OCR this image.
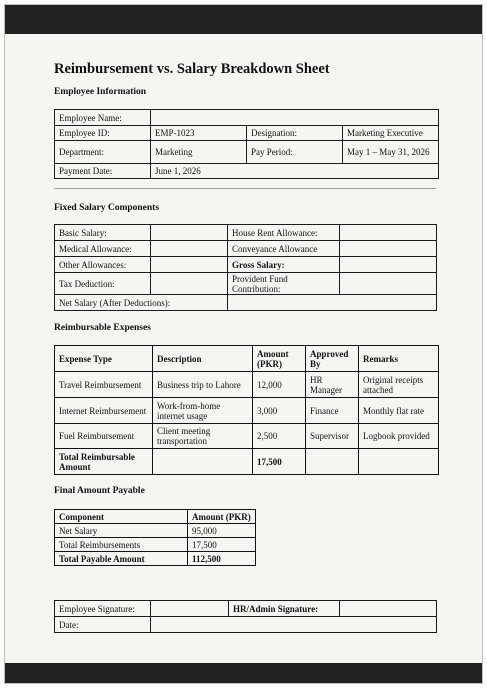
Reimbursement vs. Salary Breakdown Sheet
Employee Information
Employee Name:			
Employee ID:	EMP-1023	Designation:	Marketing Executive
Department:	Marketing	Pay Period:	May 1 – May 31, 2026
Payment Date:	June 1, 2026		
Fixed Salary Components
Basic Salary:		House Rent Allowance:	
Medical Allowance:		Conveyance Allowance	
Other Allowances:		Gross Salary:	
Tax Deduction:		Provident Fund Contribution:	
Net Salary (After Deductions):			
Reimbursable Expenses
Expense Type	Description	Amount (PKR)	Approved By	Remarks
Travel Reimbursement	Business trip to Lahore	12,000	HR Manager	Original receipts attached
Internet Reimbursement	Work-from-home internet usage	3,000	Finance	Monthly flat rate
Fuel Reimbursement	Client meeting transportation	2,500	Supervisor	Logbook provided
Total Reimbursable Amount		17,500		
Final Amount Payable
Component	Amount (PKR)
Net Salary	95,000
Total Reimbursements	17,500
Total Payable Amount	112,500
Employee Signature:		HR/Admin Signature:	
Date:			
